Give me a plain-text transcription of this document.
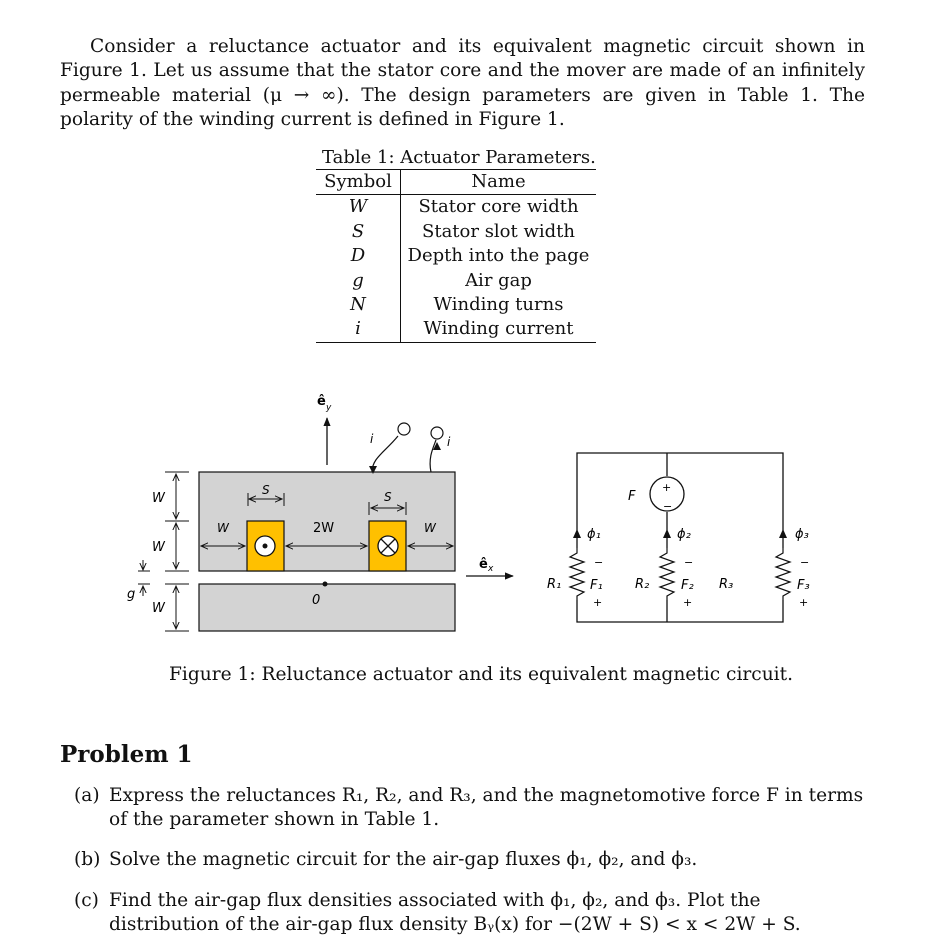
Consider a reluctance actuator and its equivalent magnetic circuit shown in Figure 1. Let us assume that the stator core and the mover are made of an infinitely permeable material (μ → ∞). The design parameters are given in Table 1. The polarity of the winding current is defined in Figure 1.

Table 1: Actuator Parameters.
Symbol	Name
W	Stator core width
S	Stator slot width
D	Depth into the page
g	Air gap
N	Winding turns
i	Winding current
ê y
i	i
W
W
W
g
S	S
W	2W	W
0
ê x
+
−
F
ϕ₁	ϕ₂	ϕ₃
R₁ F₁
−
+
R₂ F₂
−
+
R₃	F₃
−
+
Figure 1: Reluctance actuator and its equivalent magnetic circuit.
Problem 1
(a) Express the reluctances R₁, R₂, and R₃, and the magnetomotive force F in terms of the parameter shown in Table 1.
(b) Solve the magnetic circuit for the air-gap fluxes ϕ₁, ϕ₂, and ϕ₃.
(c) Find the air-gap flux densities associated with ϕ₁, ϕ₂, and ϕ₃. Plot the distribution of the air-gap flux density Bᵧ(x) for −(2W + S) < x < 2W + S.
